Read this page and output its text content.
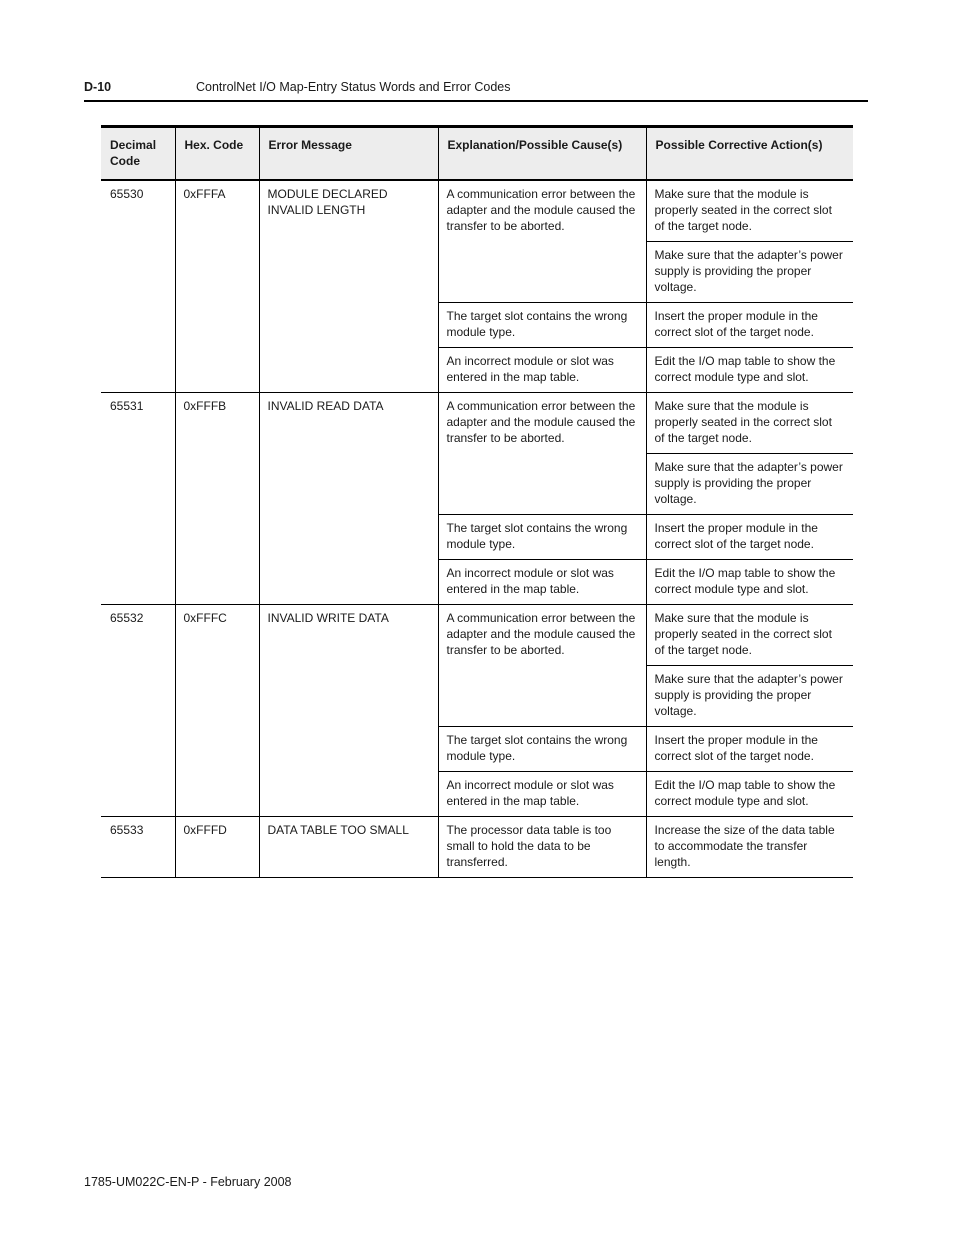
D-10	ControlNet I/O Map-Entry Status Words and Error Codes
Decimal Code	Hex. Code	Error Message	Explanation/Possible Cause(s)	Possible Corrective Action(s)
65530	0xFFFA	MODULE DECLARED INVALID LENGTH	A communication error between the adapter and the module caused the transfer to be aborted.	Make sure that the module is properly seated in the correct slot of the target node.
				Make sure that the adapter’s power supply is providing the proper voltage.
			The target slot contains the wrong module type.	Insert the proper module in the correct slot of the target node.
			An incorrect module or slot was entered in the map table.	Edit the I/O map table to show the correct module type and slot.
65531	0xFFFB	INVALID READ DATA	A communication error between the adapter and the module caused the transfer to be aborted.	Make sure that the module is properly seated in the correct slot of the target node.
				Make sure that the adapter’s power supply is providing the proper voltage.
			The target slot contains the wrong module type.	Insert the proper module in the correct slot of the target node.
			An incorrect module or slot was entered in the map table.	Edit the I/O map table to show the correct module type and slot.
65532	0xFFFC	INVALID WRITE DATA	A communication error between the adapter and the module caused the transfer to be aborted.	Make sure that the module is properly seated in the correct slot of the target node.
				Make sure that the adapter’s power supply is providing the proper voltage.
			The target slot contains the wrong module type.	Insert the proper module in the correct slot of the target node.
			An incorrect module or slot was entered in the map table.	Edit the I/O map table to show the correct module type and slot.
65533	0xFFFD	DATA TABLE TOO SMALL	The processor data table is too small to hold the data to be transferred.	Increase the size of the data table to accommodate the transfer length.
1785-UM022C-EN-P - February 2008
